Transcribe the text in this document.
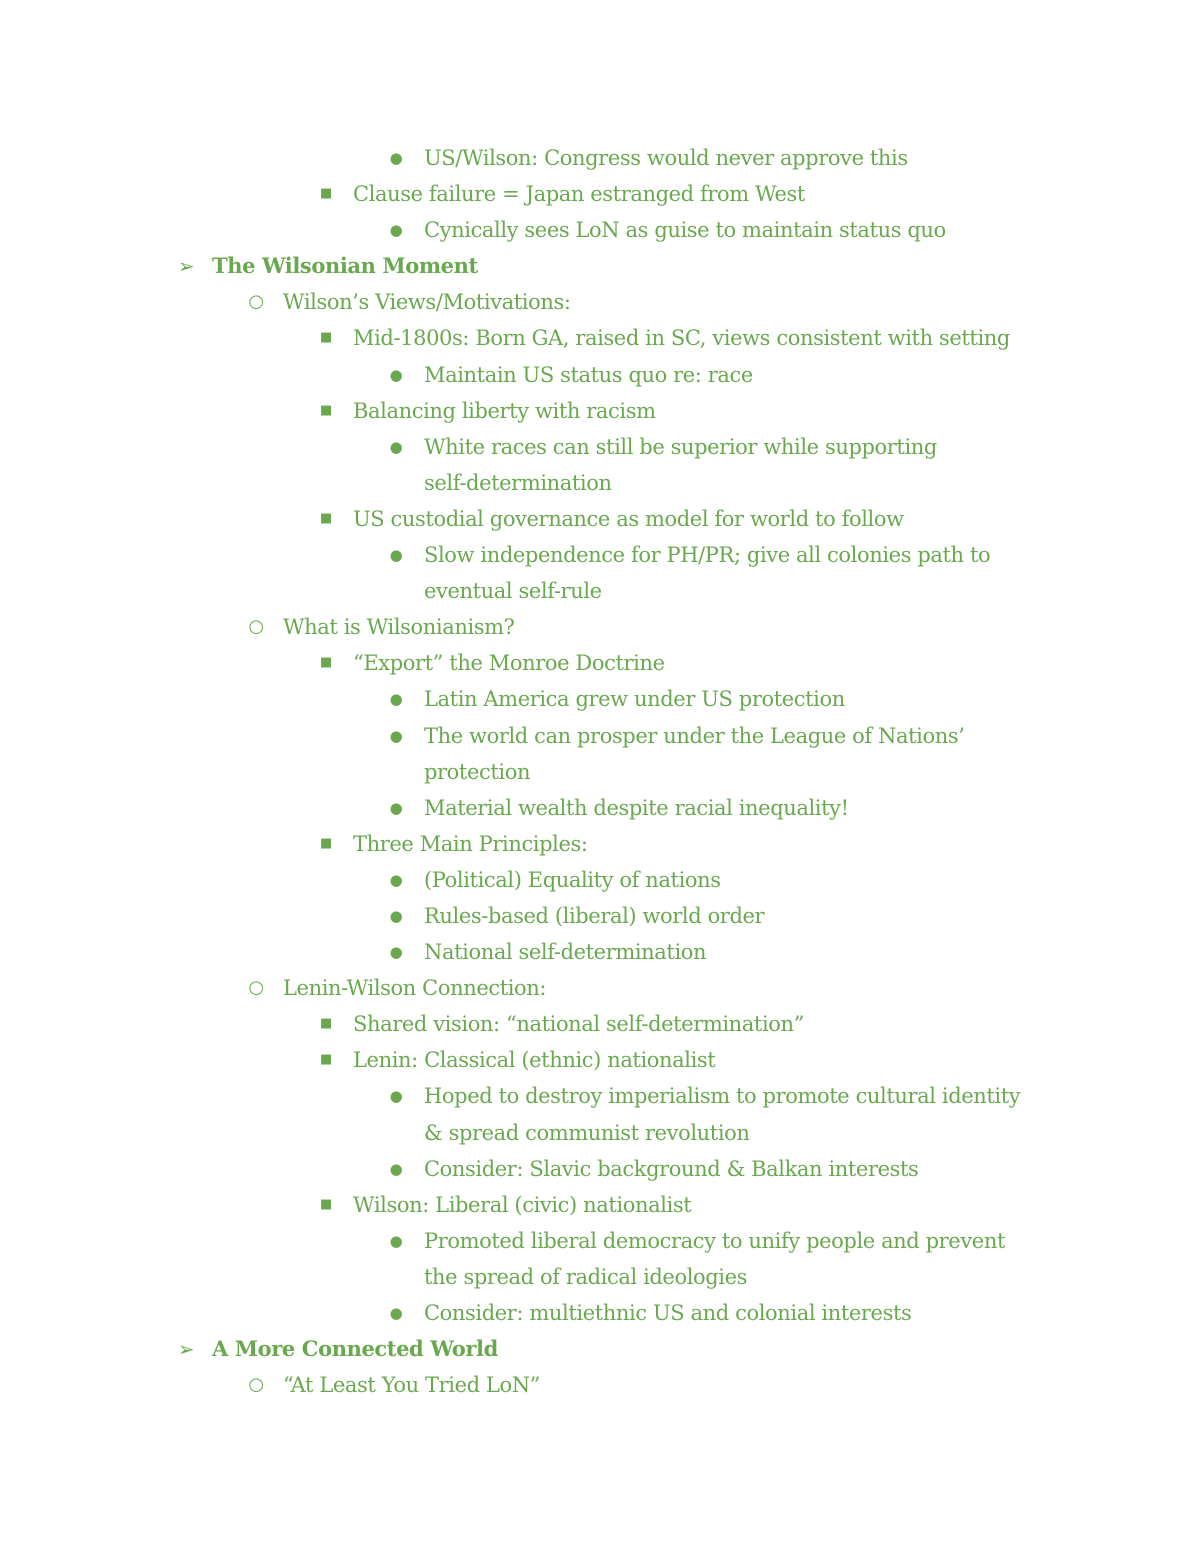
● US/Wilson: Congress would never approve this
■ Clause failure = Japan estranged from West
● Cynically sees LoN as guise to maintain status quo
➢ The Wilsonian Moment
○ Wilson’s Views/Motivations:
■ Mid-1800s: Born GA, raised in SC, views consistent with setting
● Maintain US status quo re: race
■ Balancing liberty with racism
● White races can still be superior while supporting
self-determination
■ US custodial governance as model for world to follow
● Slow independence for PH/PR; give all colonies path to
eventual self-rule
○ What is Wilsonianism?
■ “Export” the Monroe Doctrine
● Latin America grew under US protection
● The world can prosper under the League of Nations’
protection
● Material wealth despite racial inequality!
■ Three Main Principles:
● (Political) Equality of nations
● Rules-based (liberal) world order
● National self-determination
○ Lenin-Wilson Connection:
■ Shared vision: “national self-determination”
■ Lenin: Classical (ethnic) nationalist
● Hoped to destroy imperialism to promote cultural identity
& spread communist revolution
● Consider: Slavic background & Balkan interests
■ Wilson: Liberal (civic) nationalist
● Promoted liberal democracy to unify people and prevent
the spread of radical ideologies
● Consider: multiethnic US and colonial interests
➢ A More Connected World
○ “At Least You Tried LoN”
